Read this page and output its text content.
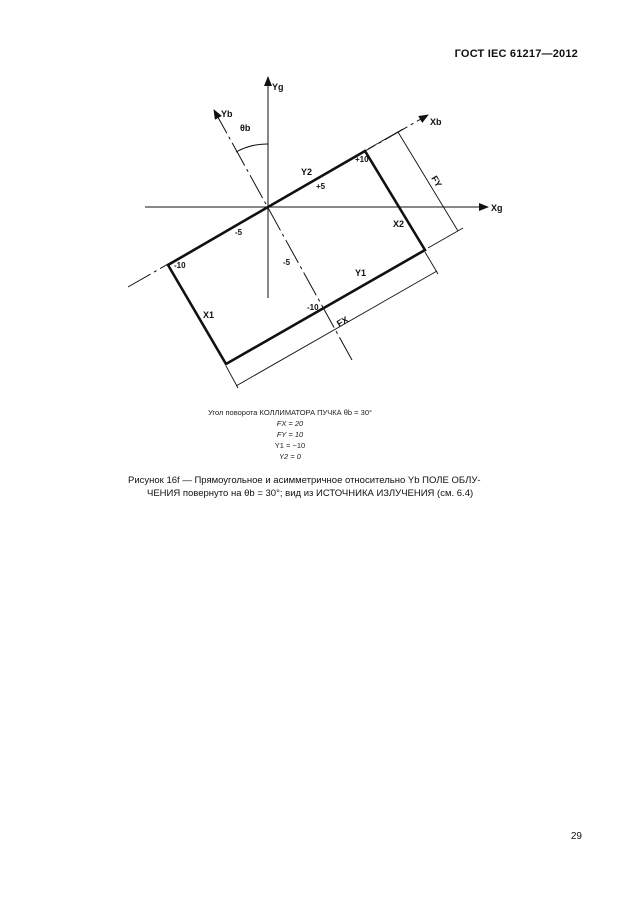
ГОСТ IEC 61217—2012
Yg
Xg
Yb
Xb
θb
Y2
Y1
X1
X2
FX
FY
+5
+10
-5
-5
-10
-10
Угол поворота КОЛЛИМАТОРА ПУЧКА θb = 30°
FX = 20
FY = 10
Y1 = −10
Y2 = 0
Рисунок 16f — Прямоугольное и асимметричное относительно Yb ПОЛЕ ОБЛУ-
ЧЕНИЯ повернуто на θb = 30°; вид из ИСТОЧНИКА ИЗЛУЧЕНИЯ (см. 6.4)
29
